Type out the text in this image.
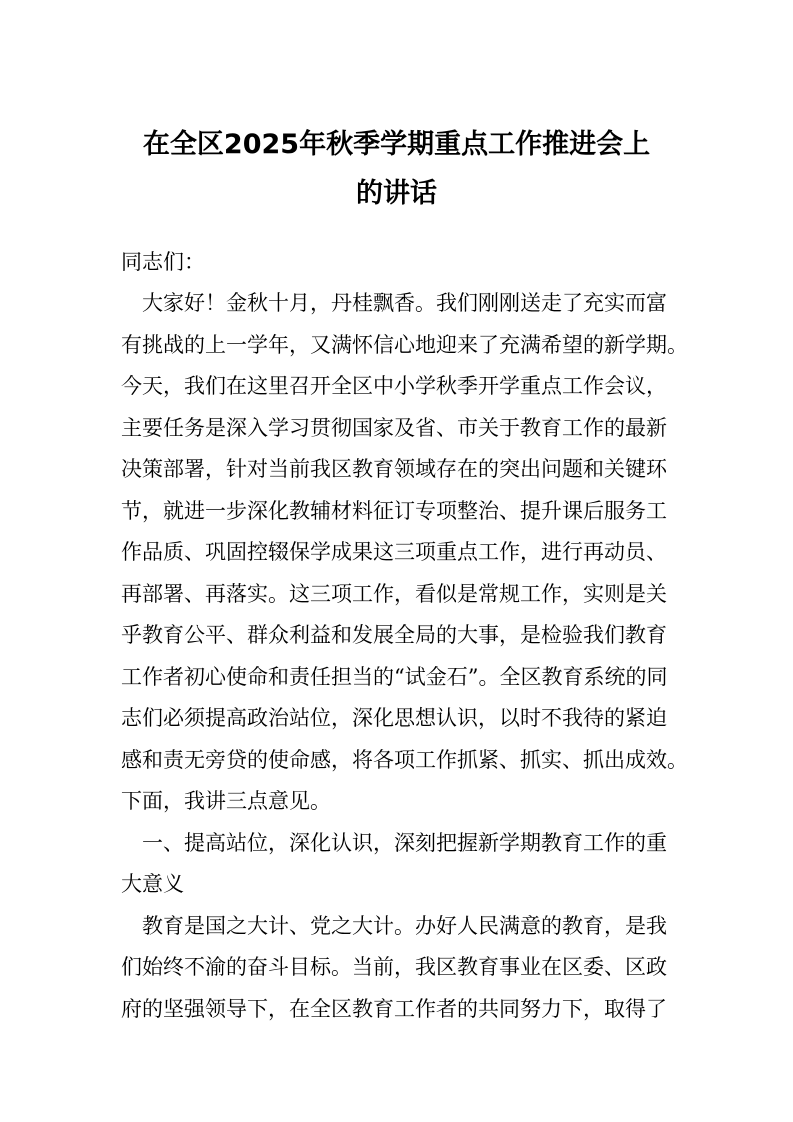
在全区2025年秋季学期重点工作推进会上
的讲话
同志们：
大家好！金秋十月，丹桂飘香。我们刚刚送走了充实而富
有挑战的上一学年，又满怀信心地迎来了充满希望的新学期。
今天，我们在这里召开全区中小学秋季开学重点工作会议，
主要任务是深入学习贯彻国家及省、市关于教育工作的最新
决策部署，针对当前我区教育领域存在的突出问题和关键环
节，就进一步深化教辅材料征订专项整治、提升课后服务工
作品质、巩固控辍保学成果这三项重点工作，进行再动员、
再部署、再落实。这三项工作，看似是常规工作，实则是关
乎教育公平、群众利益和发展全局的大事，是检验我们教育
工作者初心使命和责任担当的“试金石”。全区教育系统的同
志们必须提高政治站位，深化思想认识，以时不我待的紧迫
感和责无旁贷的使命感，将各项工作抓紧、抓实、抓出成效。
下面，我讲三点意见。
一、提高站位，深化认识，深刻把握新学期教育工作的重
大意义
教育是国之大计、党之大计。办好人民满意的教育，是我
们始终不渝的奋斗目标。当前，我区教育事业在区委、区政
府的坚强领导下，在全区教育工作者的共同努力下，取得了
